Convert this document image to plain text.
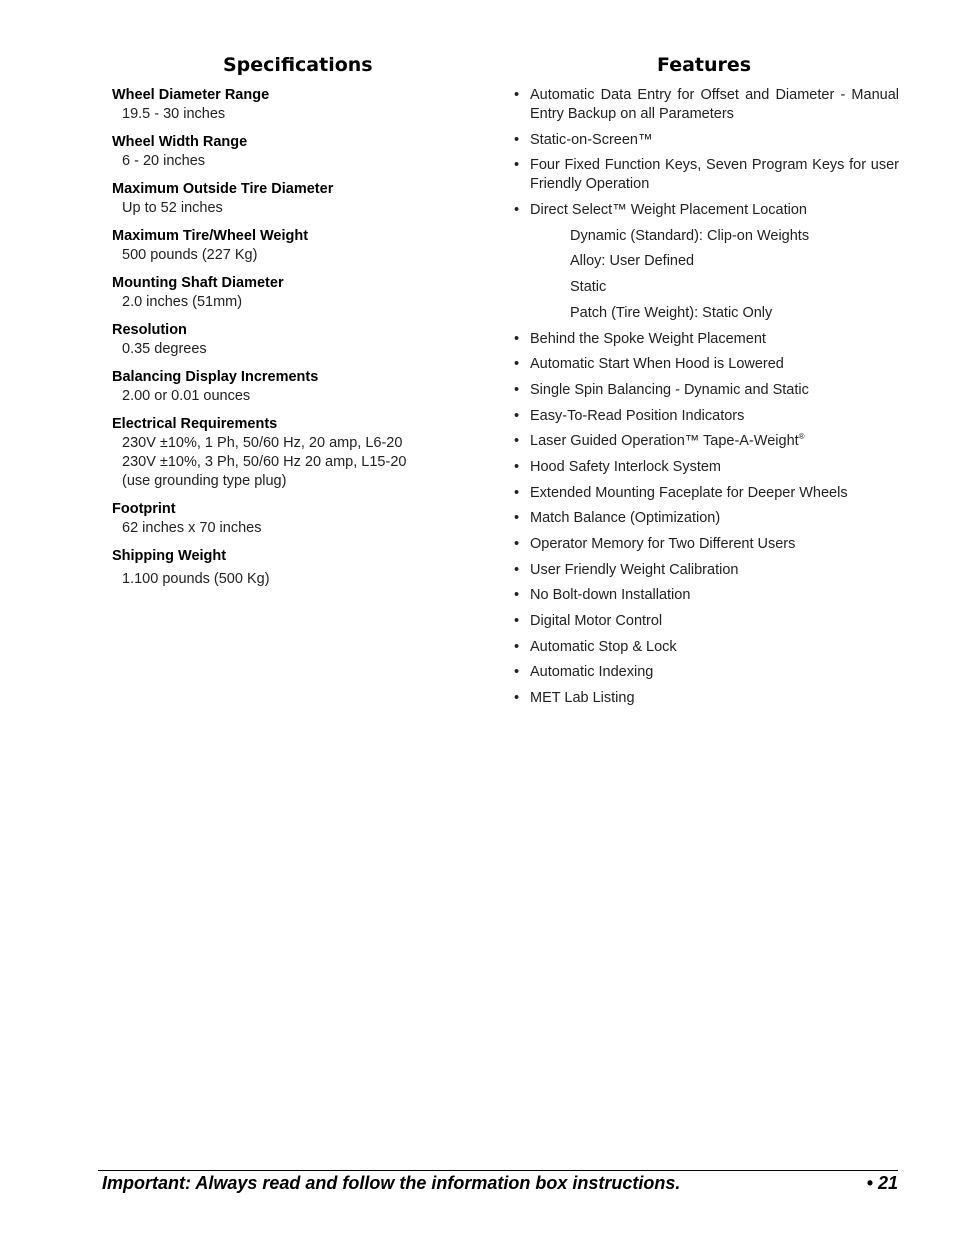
Specifications
Wheel Diameter Range
19.5 - 30 inches
Wheel Width Range
6 - 20 inches
Maximum Outside Tire Diameter
Up to 52 inches
Maximum Tire/Wheel Weight
500 pounds (227 Kg)
Mounting Shaft Diameter
2.0 inches (51mm)
Resolution
0.35 degrees
Balancing Display Increments
2.00 or 0.01 ounces
Electrical Requirements
230V ±10%, 1 Ph, 50/60 Hz, 20 amp, L6-20
230V ±10%, 3 Ph, 50/60 Hz 20 amp, L15-20
(use grounding type plug)
Footprint
62 inches x 70 inches
Shipping Weight
1.100 pounds (500 Kg)
Features
• Automatic Data Entry for Offset and Diameter - Manual Entry Backup on all Parameters
• Static-on-Screen™
• Four Fixed Function Keys, Seven Program Keys for user Friendly Operation
• Direct Select™ Weight Placement Location
Dynamic (Standard): Clip-on Weights
Alloy: User Defined
Static
Patch (Tire Weight): Static Only
• Behind the Spoke Weight Placement
• Automatic Start When Hood is Lowered
• Single Spin Balancing - Dynamic and Static
• Easy-To-Read Position Indicators
• Laser Guided Operation™ Tape-A-Weight®
• Hood Safety Interlock System
• Extended Mounting Faceplate for Deeper Wheels
• Match Balance (Optimization)
• Operator Memory for Two Different Users
• User Friendly Weight Calibration
• No Bolt-down Installation
• Digital Motor Control
• Automatic Stop & Lock
• Automatic Indexing
• MET Lab Listing
Important: Always read and follow the information box instructions.	• 21
